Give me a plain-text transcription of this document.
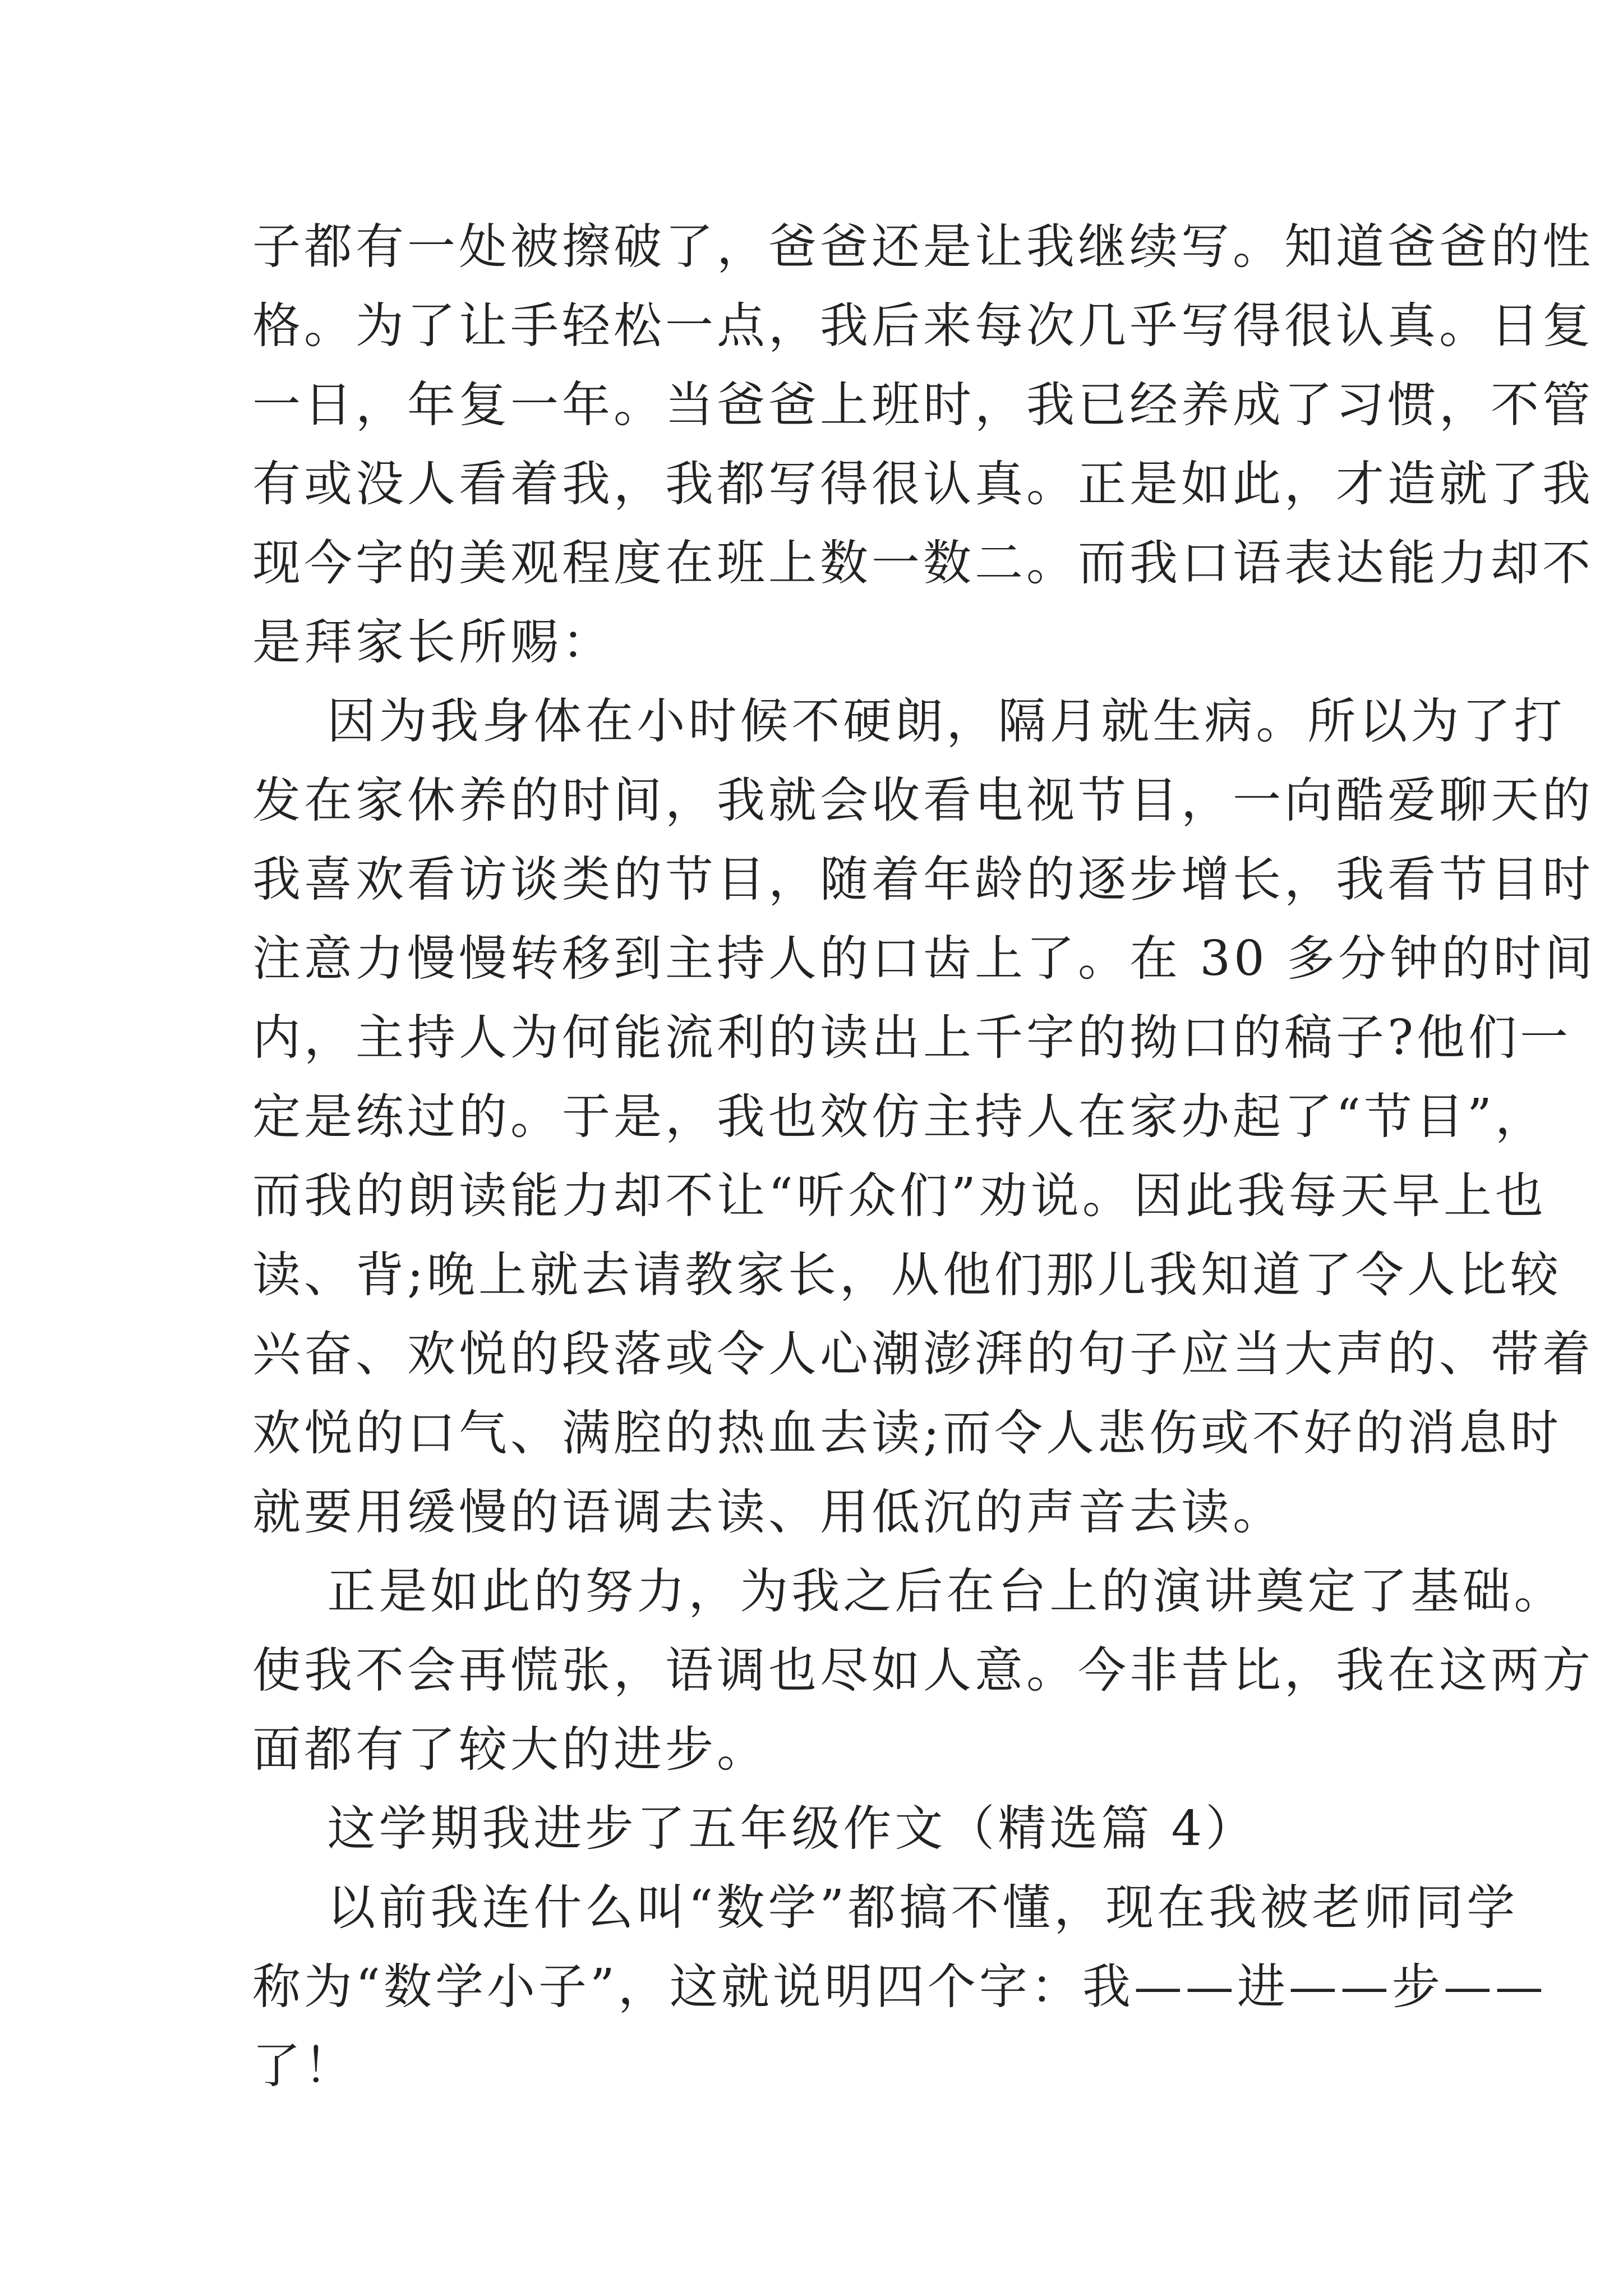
子都有一处被擦破了，爸爸还是让我继续写。知道爸爸的性
格。为了让手轻松一点，我后来每次几乎写得很认真。日复
一日，年复一年。当爸爸上班时，我已经养成了习惯，不管
有或没人看着我，我都写得很认真。正是如此，才造就了我
现今字的美观程度在班上数一数二。而我口语表达能力却不
是拜家长所赐：
因为我身体在小时候不硬朗，隔月就生病。所以为了打
发在家休养的时间，我就会收看电视节目，一向酷爱聊天的
我喜欢看访谈类的节目，随着年龄的逐步增长，我看节目时
注意力慢慢转移到主持人的口齿上了。在 30 多分钟的时间
内，主持人为何能流利的读出上千字的拗口的稿子?他们一
定是练过的。于是，我也效仿主持人在家办起了“节目”，
而我的朗读能力却不让“听众们”劝说。因此我每天早上也
读、背;晚上就去请教家长，从他们那儿我知道了令人比较
兴奋、欢悦的段落或令人心潮澎湃的句子应当大声的、带着
欢悦的口气、满腔的热血去读;而令人悲伤或不好的消息时
就要用缓慢的语调去读、用低沉的声音去读。
正是如此的努力，为我之后在台上的演讲奠定了基础。
使我不会再慌张，语调也尽如人意。今非昔比，我在这两方
面都有了较大的进步。
这学期我进步了五年级作文（精选篇 4）
以前我连什么叫“数学”都搞不懂，现在我被老师同学
称为“数学小子”，这就说明四个字：我——进——步——
了！
